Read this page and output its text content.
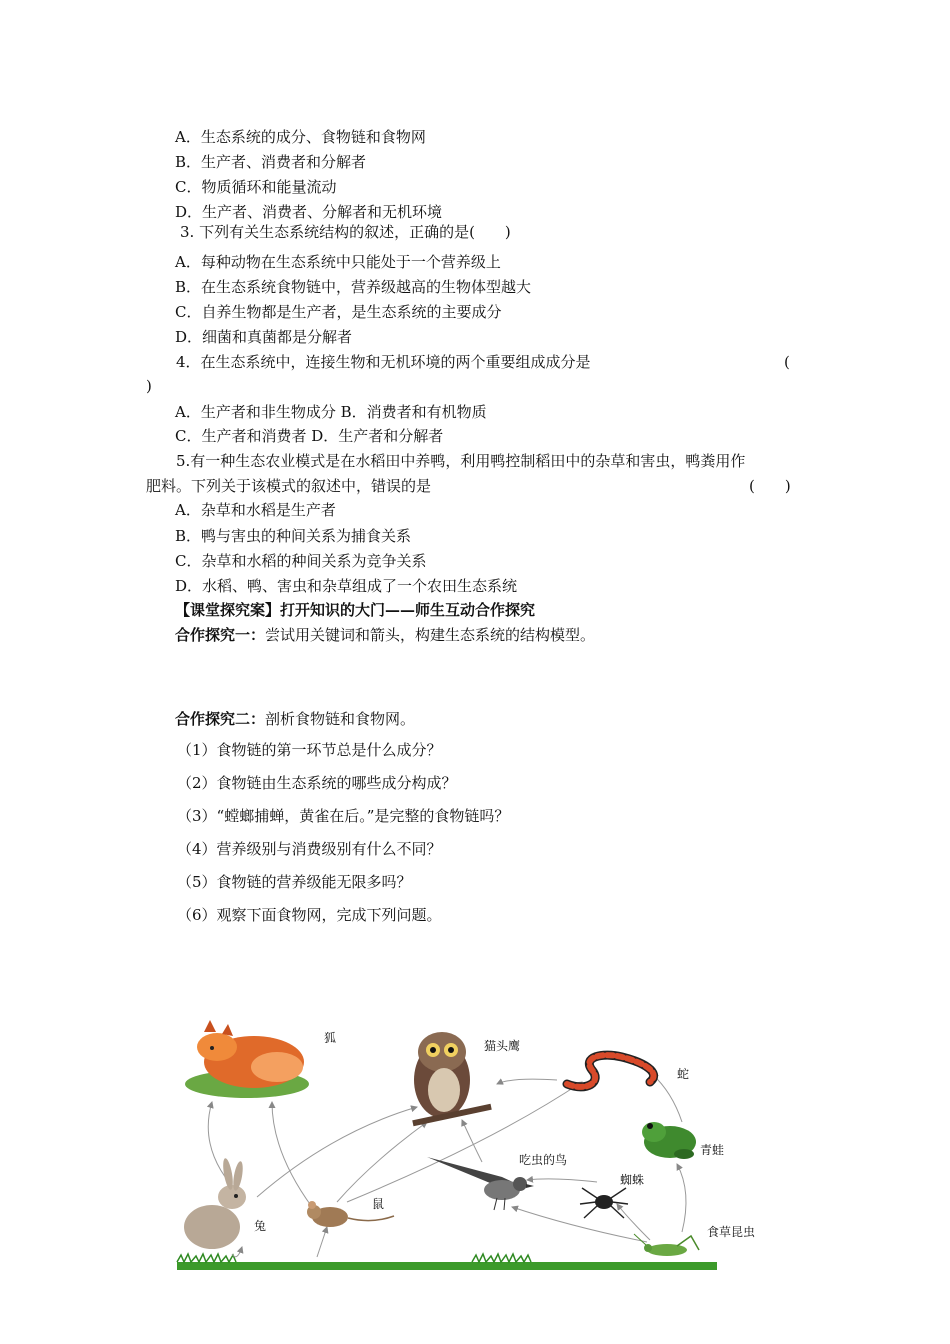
A．生态系统的成分、食物链和食物网
B．生产者、消费者和分解者
C．物质循环和能量流动
D．生产者、消费者、分解者和无机环境
3. 下列有关生态系统结构的叙述，正确的是(　　)
A．每种动物在生态系统中只能处于一个营养级上
B．在生态系统食物链中，营养级越高的生物体型越大
C．自养生物都是生产者，是生态系统的主要成分
D．细菌和真菌都是分解者
4．在生态系统中，连接生物和无机环境的两个重要组成成分是	(
)
A．生产者和非生物成分 B．消费者和有机物质
C．生产者和消费者 D．生产者和分解者
5.有一种生态农业模式是在水稻田中养鸭，利用鸭控制稻田中的杂草和害虫，鸭粪用作
肥料。下列关于该模式的叙述中，错误的是	(　　)
A．杂草和水稻是生产者
B．鸭与害虫的种间关系为捕食关系
C．杂草和水稻的种间关系为竞争关系
D．水稻、鸭、害虫和杂草组成了一个农田生态系统
【课堂探究案】打开知识的大门——师生互动合作探究
合作探究一：尝试用关键词和箭头，构建生态系统的结构模型。
合作探究二：剖析食物链和食物网。
（1）食物链的第一环节总是什么成分？
（2）食物链由生态系统的哪些成分构成？
（3）“螳螂捕蝉，黄雀在后。”是完整的食物链吗？
（4）营养级别与消费级别有什么不同？
（5）食物链的营养级能无限多吗？
（6）观察下面食物网，完成下列问题。
狐
猫头鹰
蛇
青蛙
吃虫的鸟
蜘蛛
兔
鼠
食草昆虫
